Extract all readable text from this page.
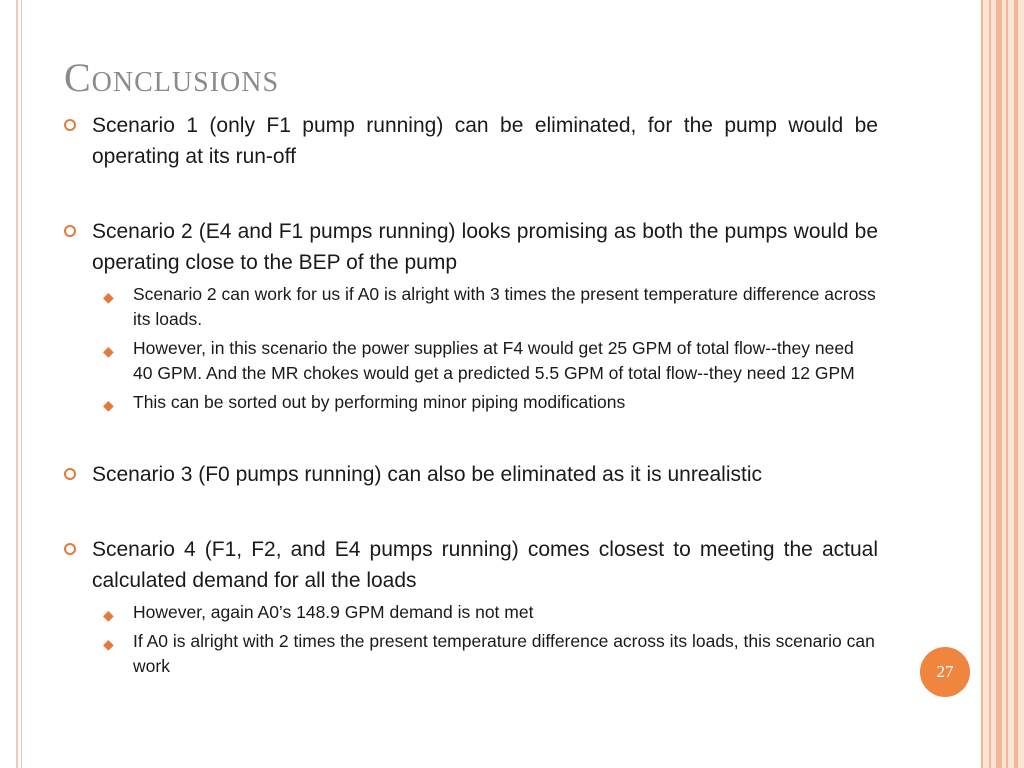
Conclusions
Scenario 1 (only F1 pump running) can be eliminated, for the pump would be operating at its run-off
Scenario 2 (E4 and F1 pumps running) looks promising as both the pumps would be operating close to the BEP of the pump
◆ Scenario 2 can work for us if A0 is alright with 3 times the present temperature difference across its loads.
◆ However, in this scenario the power supplies at F4 would get 25 GPM of total flow--they need 40 GPM. And the MR chokes would get a predicted 5.5 GPM of total flow--they need 12 GPM
◆ This can be sorted out by performing minor piping modifications
Scenario 3 (F0 pumps running) can also be eliminated as it is unrealistic
Scenario 4 (F1, F2, and E4 pumps running) comes closest to meeting the actual calculated demand for all the loads
◆ However, again A0’s 148.9 GPM demand is not met
◆ If A0 is alright with 2 times the present temperature difference across its loads, this scenario can work	27
